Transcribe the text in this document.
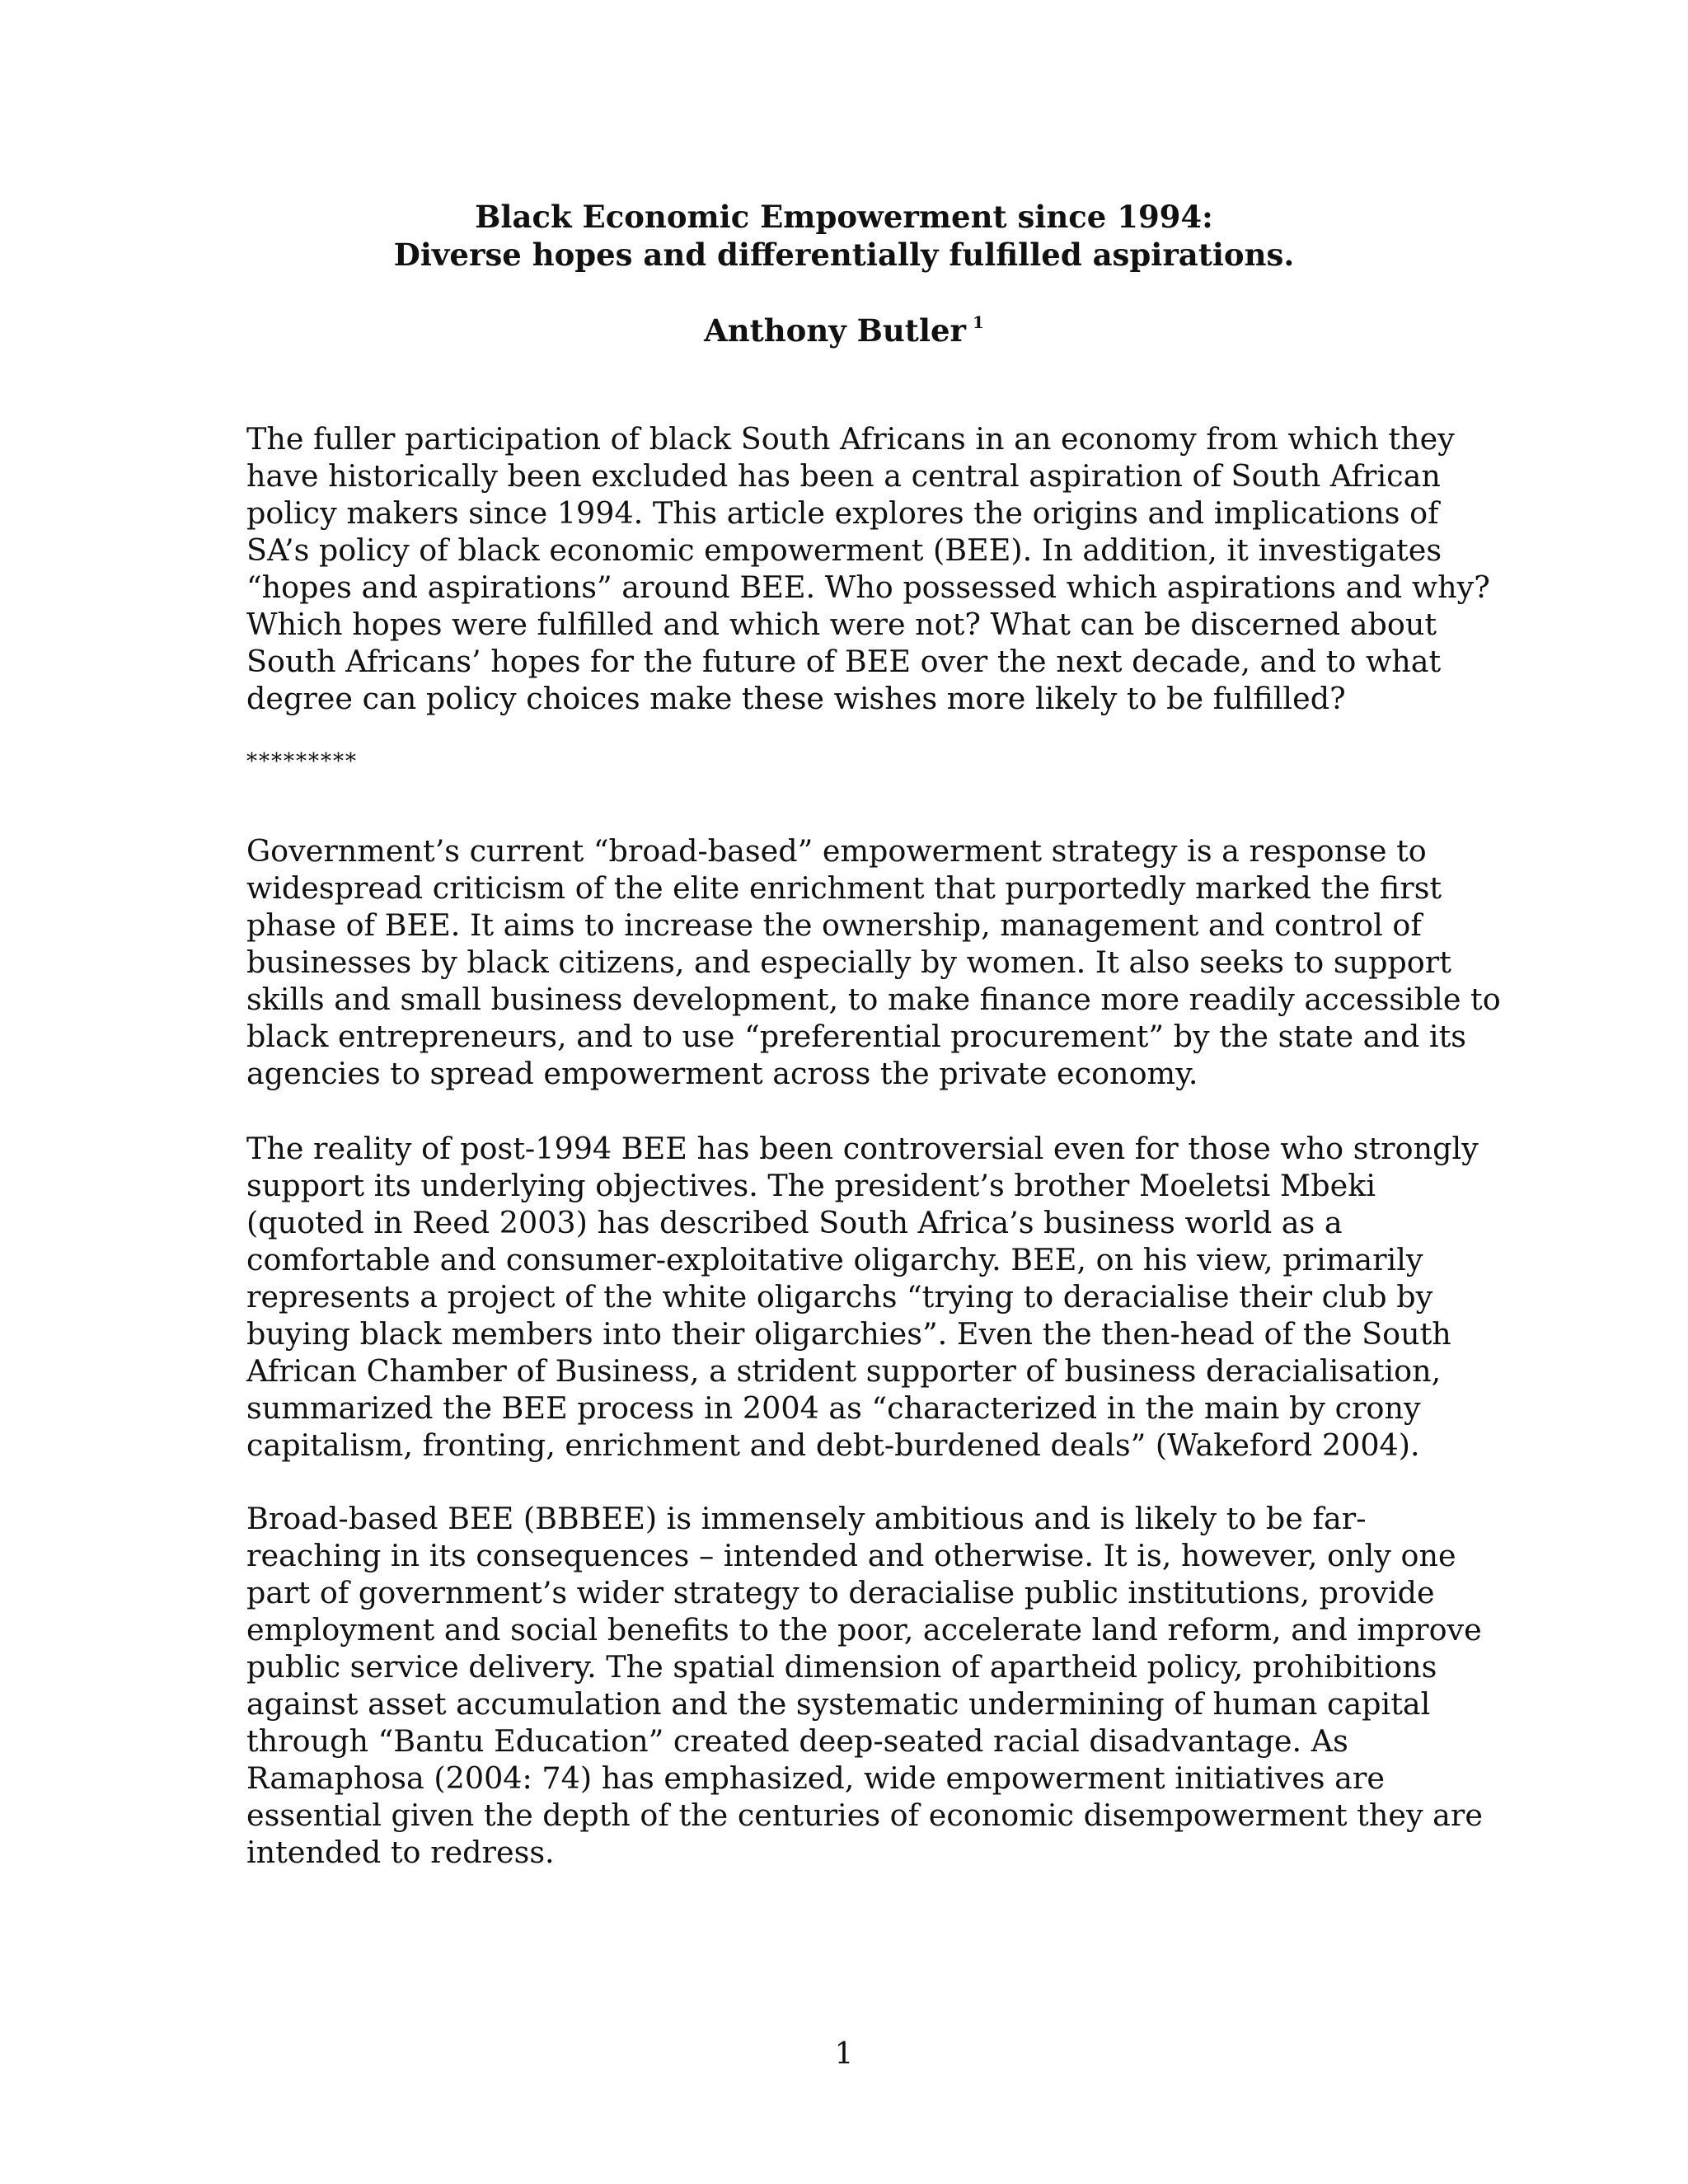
Black Economic Empowerment since 1994:
Diverse hopes and differentially fulfilled aspirations.
Anthony Butler $^1$
The fuller participation of black South Africans in an economy from which they
have historically been excluded has been a central aspiration of South African
policy makers since 1994. This article explores the origins and implications of
SA’s policy of black economic empowerment (BEE). In addition, it investigates
“hopes and aspirations” around BEE. Who possessed which aspirations and why?
Which hopes were fulfilled and which were not? What can be discerned about
South Africans’ hopes for the future of BEE over the next decade, and to what
degree can policy choices make these wishes more likely to be fulfilled?
*********
Government’s current “broad-based” empowerment strategy is a response to
widespread criticism of the elite enrichment that purportedly marked the first
phase of BEE. It aims to increase the ownership, management and control of
businesses by black citizens, and especially by women. It also seeks to support
skills and small business development, to make finance more readily accessible to
black entrepreneurs, and to use “preferential procurement” by the state and its
agencies to spread empowerment across the private economy.
The reality of post-1994 BEE has been controversial even for those who strongly
support its underlying objectives. The president’s brother Moeletsi Mbeki
(quoted in Reed 2003) has described South Africa’s business world as a
comfortable and consumer-exploitative oligarchy. BEE, on his view, primarily
represents a project of the white oligarchs “trying to deracialise their club by
buying black members into their oligarchies”. Even the then-head of the South
African Chamber of Business, a strident supporter of business deracialisation,
summarized the BEE process in 2004 as “characterized in the main by crony
capitalism, fronting, enrichment and debt-burdened deals” (Wakeford 2004).
Broad-based BEE (BBBEE) is immensely ambitious and is likely to be far-
reaching in its consequences – intended and otherwise. It is, however, only one
part of government’s wider strategy to deracialise public institutions, provide
employment and social benefits to the poor, accelerate land reform, and improve
public service delivery. The spatial dimension of apartheid policy, prohibitions
against asset accumulation and the systematic undermining of human capital
through “Bantu Education” created deep-seated racial disadvantage. As
Ramaphosa (2004: 74) has emphasized, wide empowerment initiatives are
essential given the depth of the centuries of economic disempowerment they are
intended to redress.
1
